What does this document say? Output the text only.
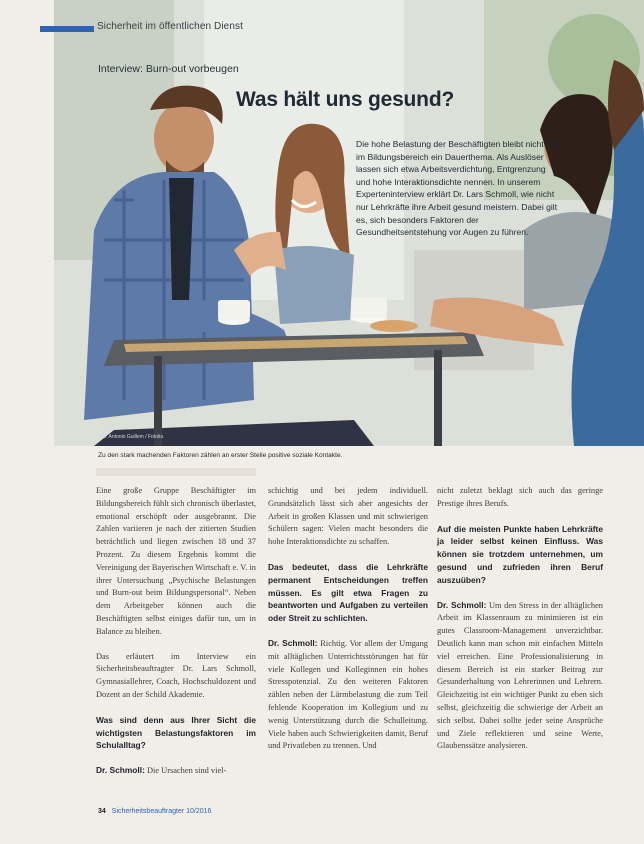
Sicherheit im öffentlichen Dienst
Interview: Burn-out vorbeugen
Was hält uns gesund?

Die hohe Belastung der Beschäftigten bleibt nicht nur im Bildungsbereich ein Dauerthema. Als Auslöser lassen sich etwa Arbeitsverdichtung, Entgrenzung und hohe Interaktionsdichte nennen. In unserem Experteninterview erklärt Dr. Lars Schmoll, wie nicht nur Lehrkräfte ihre Arbeit gesund meistern. Dabei gilt es, sich besonders Faktoren der Gesundheitsentstehung vor Augen zu führen.

Foto: Antonio Guillem / Fotolia
Zu den stark machenden Faktoren zählen an erster Stelle positive soziale Kontakte.

Eine große Gruppe Beschäftigter im Bildungsbereich fühlt sich chronisch überlastet, emotional erschöpft oder ausgebrannt. Die Zahlen variieren je nach der zitierten Studien beträchtlich und liegen zwischen 18 und 37 Prozent. Zu diesem Ergebnis kommt die Vereinigung der Bayerischen Wirtschaft e. V. in ihrer Untersuchung „Psychische Belastungen und Burn-out beim Bildungspersonal“. Neben dem Arbeitgeber können auch die Beschäftigten selbst einiges dafür tun, um in Balance zu bleiben.

Das erläutert im Interview ein Sicherheitsbeauftragter Dr. Lars Schmoll, Gymnasiallehrer, Coach, Hochschuldozent und Dozent an der Schild Akademie.

Was sind denn aus Ihrer Sicht die wichtigsten Belastungsfaktoren im Schulalltag?

Dr. Schmoll: Die Ursachen sind viel-

schichtig und bei jedem individuell. Grundsätzlich lässt sich aber angesichts der Arbeit in großen Klassen und mit schwierigen Schülern sagen: Vielen macht besonders die hohe Interaktionsdichte zu schaffen.

Das bedeutet, dass die Lehrkräfte permanent Entscheidungen treffen müssen. Es gilt etwa Fragen zu beantworten und Aufgaben zu verteilen oder Streit zu schlichten.

Dr. Schmoll: Richtig. Vor allem der Umgang mit alltäglichen Unterrichtsstörungen hat für viele Kollegen und Kolleginnen ein hohes Stresspotenzial. Zu den weiteren Faktoren zählen neben der Lärmbelastung die zum Teil fehlende Kooperation im Kollegium und zu wenig Unterstützung durch die Schulleitung. Viele haben auch Schwierigkeiten damit, Beruf und Privatleben zu trennen. Und

nicht zuletzt beklagt sich auch das geringe Prestige ihres Berufs.

Auf die meisten Punkte haben Lehrkräfte ja leider selbst keinen Einfluss. Was können sie trotzdem unternehmen, um gesund und zufrieden ihren Beruf auszuüben?

Dr. Schmoll: Um den Stress in der alltäglichen Arbeit im Klassenraum zu minimieren ist ein gutes Classroom-Management unverzichtbar. Deutlich kann man schon mit einfachen Mitteln viel erreichen. Eine Professionalisierung in diesem Bereich ist ein starker Beitrag zur Gesunderhaltung von Lehrerinnen und Lehrern. Gleichzeitig ist ein wichtiger Punkt zu eben sich selbst, gleichzeitig die schwierige der Arbeit an sich selbst. Dabei sollte jeder seine Ansprüche und Ziele reflektieren und seine Werte, Glaubenssätze analysieren.

34 Sicherheitsbeauftragter 10/2016
